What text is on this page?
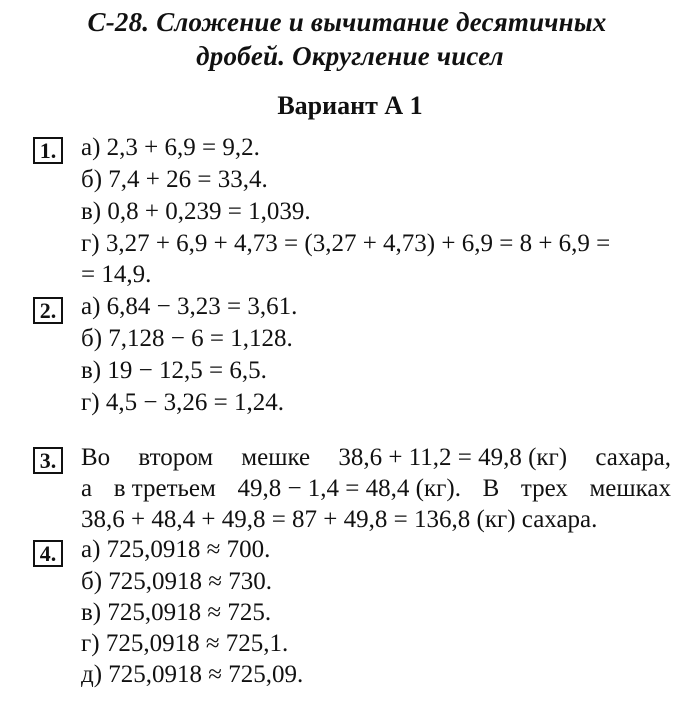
С-28. Сложение и вычитание десятичных
дробей. Округление чисел
Вариант А 1
1. а) 2,3 + 6,9 = 9,2.
б) 7,4 + 26 = 33,4.
в) 0,8 + 0,239 = 1,039.
г) 3,27 + 6,9 + 4,73 = (3,27 + 4,73) + 6,9 = 8 + 6,9 =
= 14,9.
2. а) 6,84 − 3,23 = 3,61.
б) 7,128 − 6 = 1,128.
в) 19 − 12,5 = 6,5.
г) 4,5 − 3,26 = 1,24.
3. Во втором мешке 38,6 + 11,2 = 49,8 (кг) сахара,
а в третьем 49,8 − 1,4 = 48,4 (кг). В трех мешках
38,6 + 48,4 + 49,8 = 87 + 49,8 = 136,8 (кг) сахара.
4. а) 725,0918 ≈ 700.
б) 725,0918 ≈ 730.
в) 725,0918 ≈ 725.
г) 725,0918 ≈ 725,1.
д) 725,0918 ≈ 725,09.
